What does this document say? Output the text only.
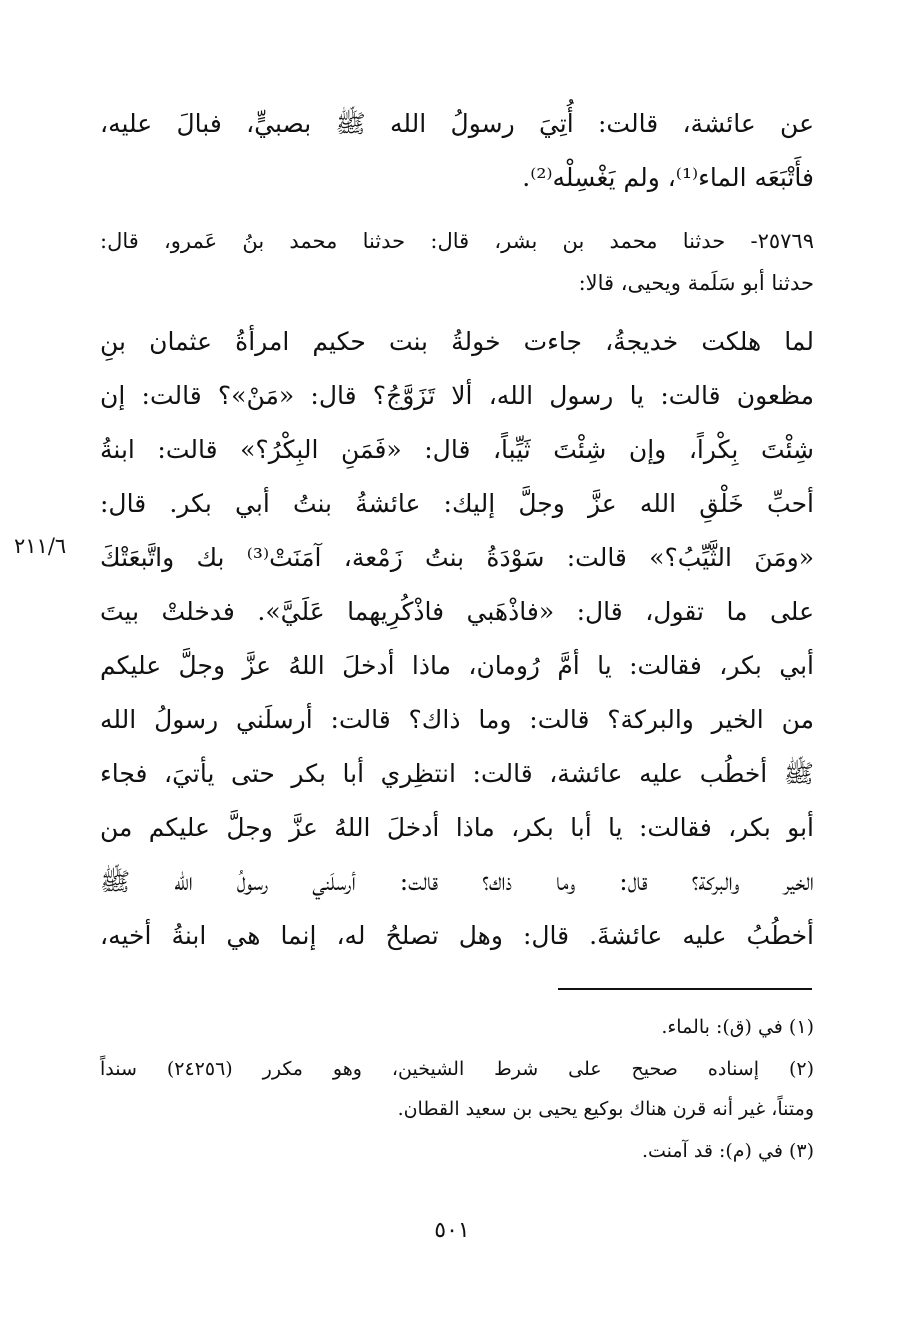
عن عائشة، قالت: أُتِيَ رسولُ الله ﷺ بصبيٍّ، فبالَ عليه،
فأَتْبَعَه الماء⁽¹⁾، ولم يَغْسِلْه⁽²⁾.
٢٥٧٦٩- حدثنا محمد بن بشر، قال: حدثنا محمد بنُ عَمرو، قال:
حدثنا أبو سَلَمة ويحيى، قالا:
لما هلكت خديجةُ، جاءت خولةُ بنت حكيم امرأةُ عثمان بنِ
مظعون قالت: يا رسول الله، ألا تَزَوَّجُ؟ قال: «مَنْ»؟ قالت: إن
شِئْتَ بِكْراً، وإن شِئْتَ ثَيِّباً، قال: «فَمَنِ البِكْرُ؟» قالت: ابنةُ
أحبِّ خَلْقِ الله عزَّ وجلَّ إليك: عائشةُ بنتُ أبي بكر. قال:
«ومَنَ الثَّيِّبُ؟» قالت: سَوْدَةُ بنتُ زَمْعة، آمَنَتْ⁽³⁾ بك واتَّبعَتْكَ
على ما تقول، قال: «فاذْهَبي فاذْكُرِيهما عَلَيَّ». فدخلتْ بيتَ
أبي بكر، فقالت: يا أمَّ رُومان، ماذا أدخلَ اللهُ عزَّ وجلَّ عليكم
من الخير والبركة؟ قالت: وما ذاك؟ قالت: أرسلَني رسولُ الله
ﷺ أخطُب عليه عائشة، قالت: انتظِري أبا بكر حتى يأتيَ، فجاء
أبو بكر، فقالت: يا أبا بكر، ماذا أدخلَ اللهُ عزَّ وجلَّ عليكم من
الخير والبركة؟ قال: وما ذاك؟ قالت: أرسلَني رسولُ الله ﷺ
أخطُبُ عليه عائشةَ. قال: وهل تصلحُ له، إنما هي ابنةُ أخيه،
٢١١/٦
(١) في (ق): بالماء.
(٢) إسناده صحيح على شرط الشيخين، وهو مكرر (٢٤٢٥٦) سنداً
ومتناً، غير أنه قرن هناك بوكيع يحيى بن سعيد القطان.
(٣) في (م): قد آمنت.
٥٠١
